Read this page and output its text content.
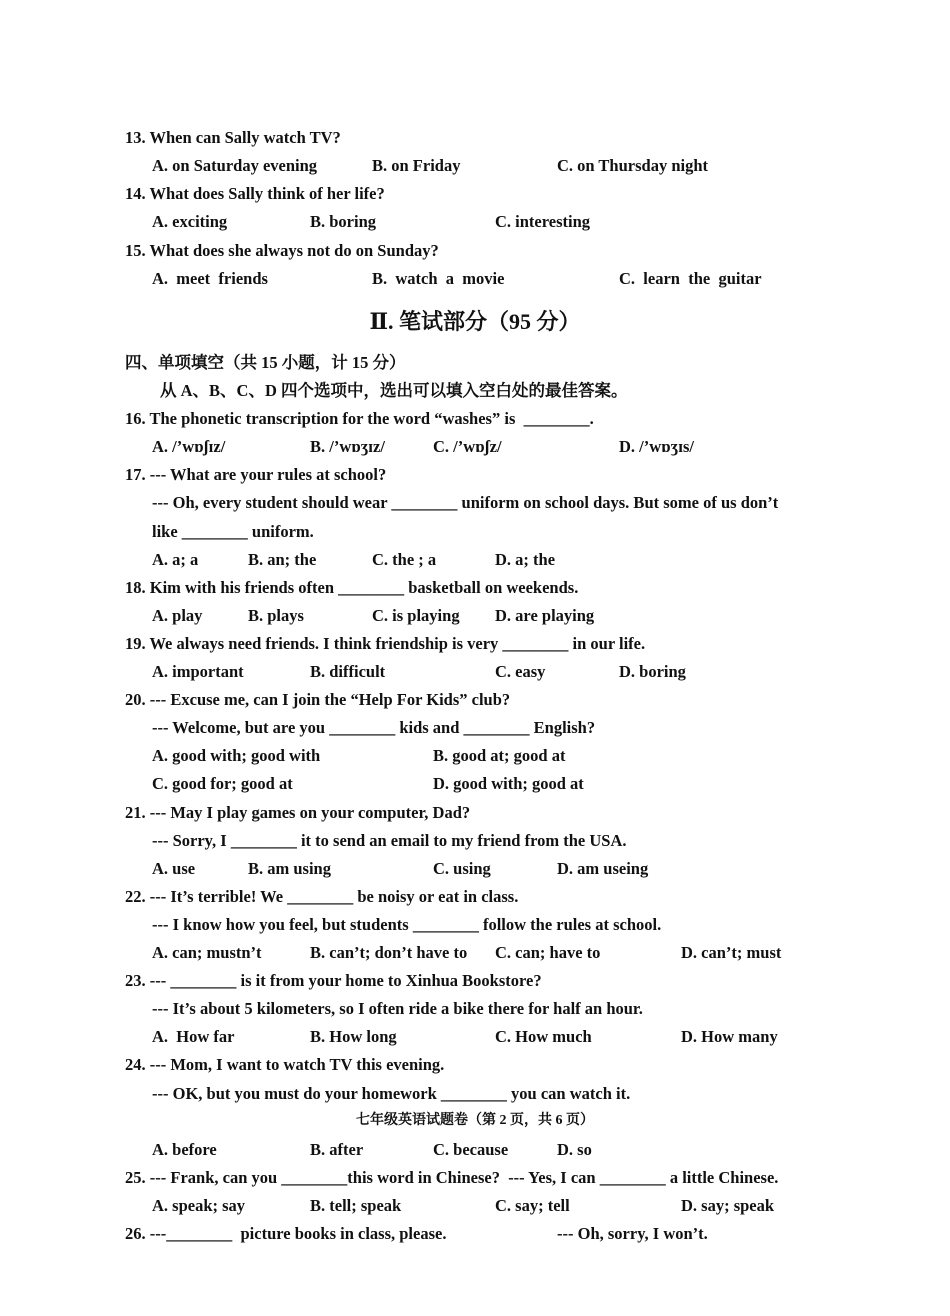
13. When can Sally watch TV?
A. on Saturday evening	B. on Friday	C. on Thursday night
14. What does Sally think of her life?
A. exciting	B. boring	C. interesting
15. What does she always not do on Sunday?
A.  meet  friends	B.  watch  a  movie	C.  learn  the  guitar
Ⅱ. 笔试部分（95 分）
四、单项填空（共 15 小题，计 15 分）
从 A、B、C、D 四个选项中，选出可以填入空白处的最佳答案。
16. The phonetic transcription for the word “washes” is  ________.
A. /’wɒʃɪz/	B. /’wɒʒɪz/	C. /’wɒʃz/	D. /’wɒʒɪs/
17. --- What are your rules at school?
--- Oh, every student should wear ________ uniform on school days. But some of us don’t
like ________ uniform.
A. a; a	B. an; the	C. the ; a	D. a; the
18. Kim with his friends often ________ basketball on weekends.
A. play	B. plays	C. is playing D. are playing
19. We always need friends. I think friendship is very ________ in our life.
A. important	B. difficult	C. easy	D. boring
20. --- Excuse me, can I join the “Help For Kids” club?
--- Welcome, but are you ________ kids and ________ English?
A. good with; good with	B. good at; good at
C. good for; good at	D. good with; good at
21. --- May I play games on your computer, Dad?
--- Sorry, I ________ it to send an email to my friend from the USA.
A. use	B. am using	C. using	D. am useing
22. --- It’s terrible! We ________ be noisy or eat in class.
--- I know how you feel, but students ________ follow the rules at school.
A. can; mustn’t	B. can’t; don’t have to C. can; have to	D. can’t; must
23. --- ________ is it from your home to Xinhua Bookstore?
--- It’s about 5 kilometers, so I often ride a bike there for half an hour.
A.  How far	B. How long	C. How much	D. How many
24. --- Mom, I want to watch TV this evening.
--- OK, but you must do your homework ________ you can watch it.
七年级英语试题卷（第 2 页，共 6 页）
A. before	B. after	C. because	D. so
25. --- Frank, can you ________this word in Chinese?  --- Yes, I can ________ a little Chinese.
A. speak; say	B. tell; speak	C. say; tell	D. say; speak
26. ---________  picture books in class, please.	--- Oh, sorry, I won’t.
